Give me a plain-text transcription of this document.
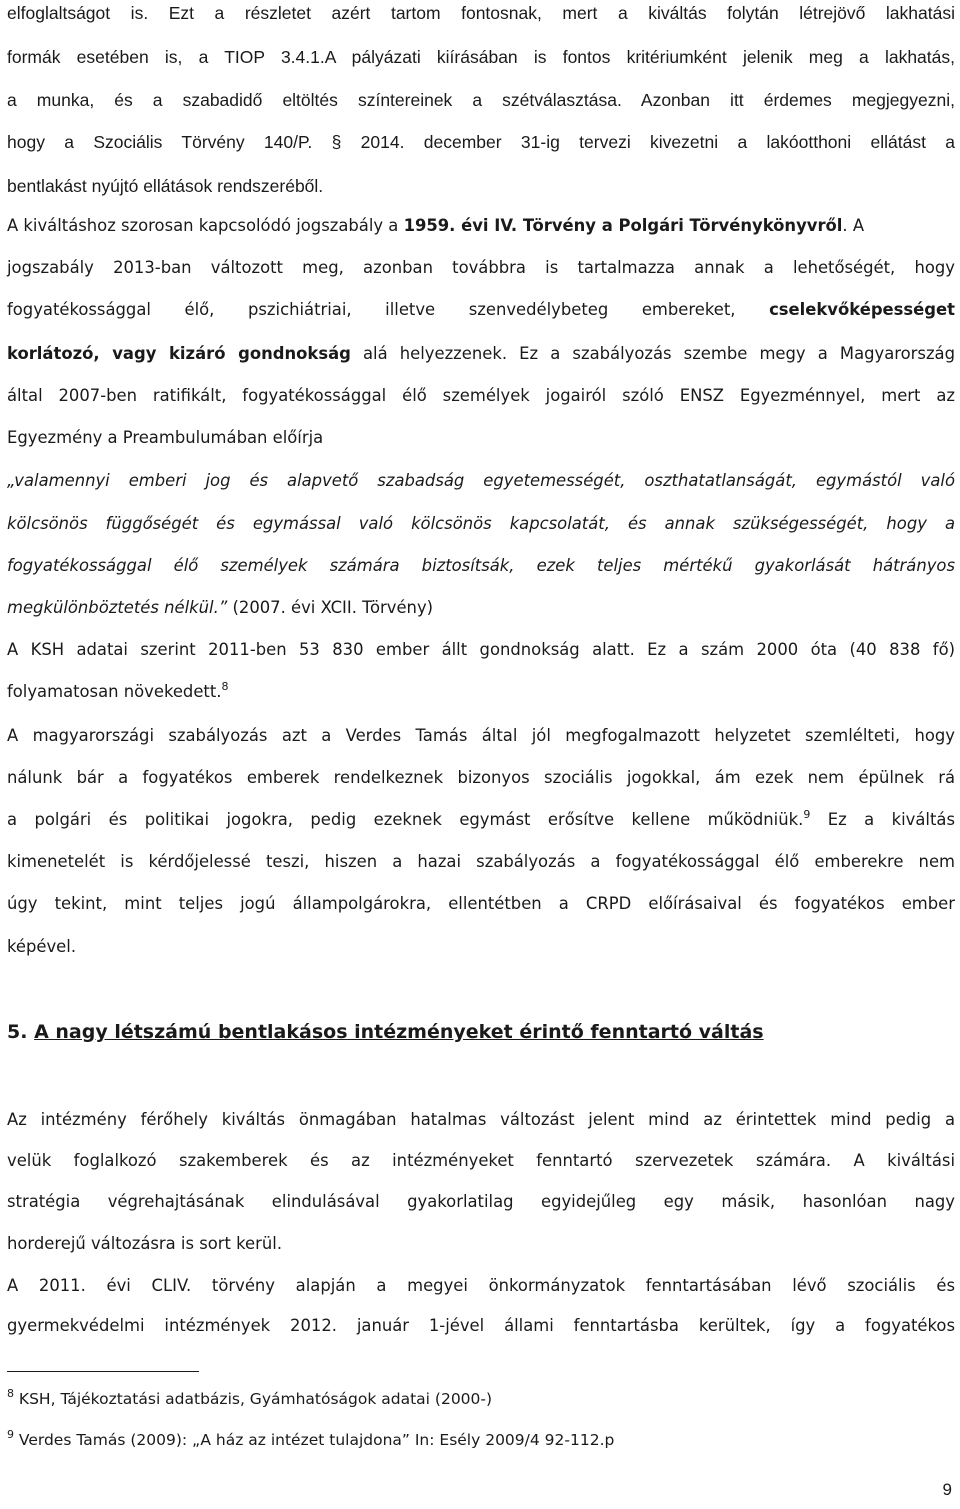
elfoglaltságot is. Ezt a részletet azért tartom fontosnak, mert a kiváltás folytán létrejövő lakhatási
formák esetében is, a TIOP 3.4.1.A pályázati kiírásában is fontos kritériumként jelenik meg a lakhatás,
a munka, és a szabadidő eltöltés színtereinek a szétválasztása. Azonban itt érdemes megjegyezni,
hogy a Szociális Törvény 140/P. § 2014. december 31-ig tervezi kivezetni a lakóotthoni ellátást a
bentlakást nyújtó ellátások rendszeréből.
A kiváltáshoz szorosan kapcsolódó jogszabály a 1959. évi IV. Törvény a Polgári Törvénykönyvről. A
jogszabály 2013-ban változott meg, azonban továbbra is tartalmazza annak a lehetőségét, hogy
fogyatékossággal élő, pszichiátriai, illetve szenvedélybeteg embereket, cselekvőképességet
korlátozó, vagy kizáró gondnokság alá helyezzenek. Ez a szabályozás szembe megy a Magyarország
által 2007-ben ratifikált, fogyatékossággal élő személyek jogairól szóló ENSZ Egyezménnyel, mert az
Egyezmény a Preambulumában előírja
„valamennyi emberi jog és alapvető szabadság egyetemességét, oszthatatlanságát, egymástól való
kölcsönös függőségét és egymással való kölcsönös kapcsolatát, és annak szükségességét, hogy a
fogyatékossággal élő személyek számára biztosítsák, ezek teljes mértékű gyakorlását hátrányos
megkülönböztetés nélkül.” (2007. évi XCII. Törvény)
A KSH adatai szerint 2011-ben 53 830 ember állt gondnokság alatt. Ez a szám 2000 óta (40 838 fő)
folyamatosan növekedett.$^8$
A magyarországi szabályozás azt a Verdes Tamás által jól megfogalmazott helyzetet szemlélteti, hogy
nálunk bár a fogyatékos emberek rendelkeznek bizonyos szociális jogokkal, ám ezek nem épülnek rá
a polgári és politikai jogokra, pedig ezeknek egymást erősítve kellene működniük.$^9$ Ez a kiváltás
kimenetelét is kérdőjelessé teszi, hiszen a hazai szabályozás a fogyatékossággal élő emberekre nem
úgy tekint, mint teljes jogú állampolgárokra, ellentétben a CRPD előírásaival és fogyatékos ember
képével.
5. A nagy létszámú bentlakásos intézményeket érintő fenntartó váltás
Az intézmény férőhely kiváltás önmagában hatalmas változást jelent mind az érintettek mind pedig a
velük foglalkozó szakemberek és az intézményeket fenntartó szervezetek számára. A kiváltási
stratégia végrehajtásának elindulásával gyakorlatilag egyidejűleg egy másik, hasonlóan nagy
horderejű változásra is sort kerül.
A 2011. évi CLIV. törvény alapján a megyei önkormányzatok fenntartásában lévő szociális és
gyermekvédelmi intézmények 2012. január 1-jével állami fenntartásba kerültek, így a fogyatékos
$^8$ KSH, Tájékoztatási adatbázis, Gyámhatóságok adatai (2000-)
$^9$ Verdes Tamás (2009): „A ház az intézet tulajdona” In: Esély 2009/4 92-112.p
9
